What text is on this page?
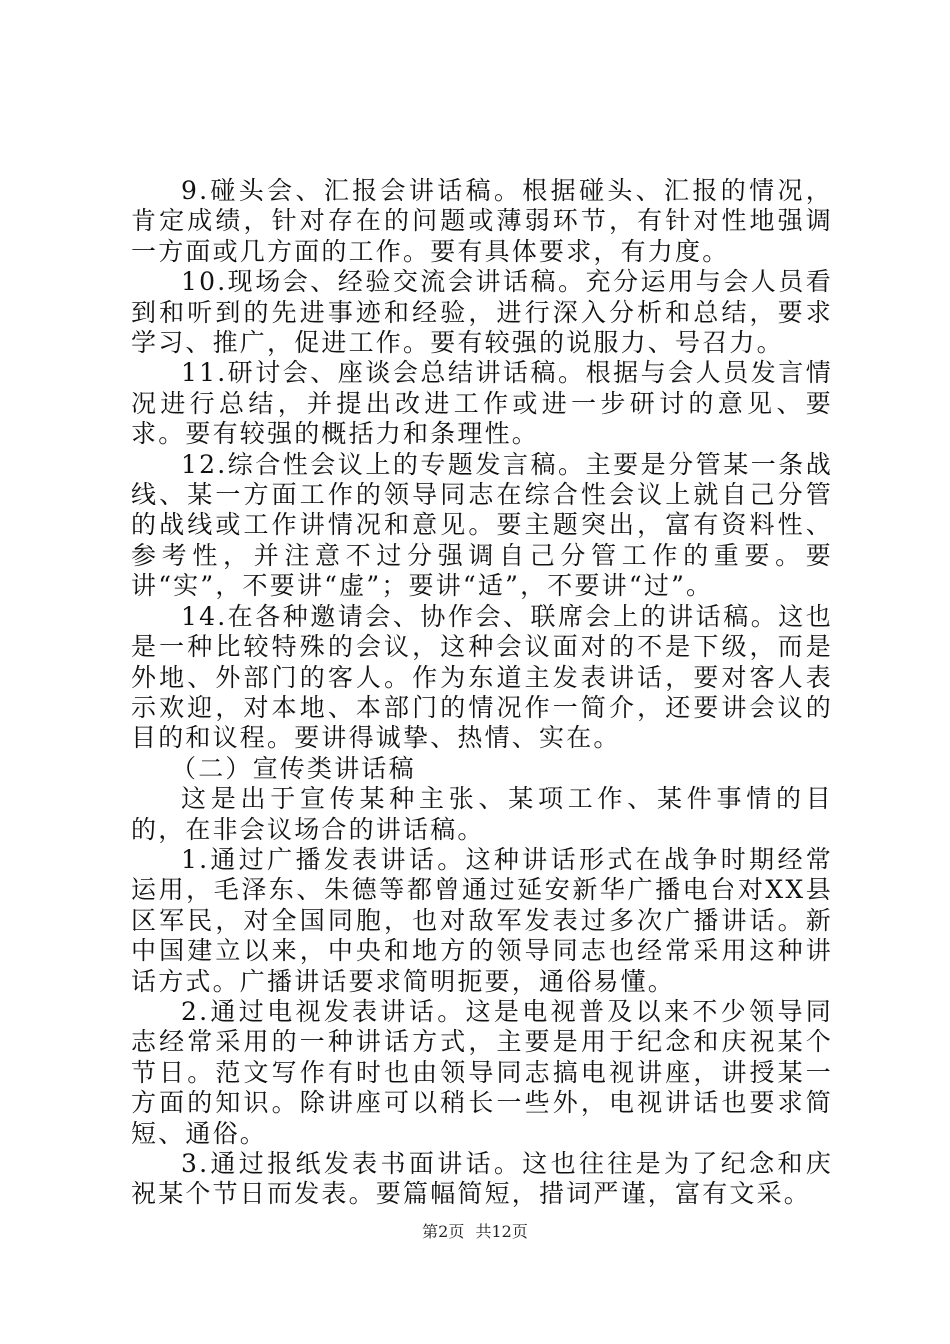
9.碰头会、汇报会讲话稿。根据碰头、汇报的情况，肯定成绩，针对存在的问题或薄弱环节，有针对性地强调一方面或几方面的工作。要有具体要求，有力度。

10.现场会、经验交流会讲话稿。充分运用与会人员看到和听到的先进事迹和经验，进行深入分析和总结，要求学习、推广，促进工作。要有较强的说服力、号召力。

11.研讨会、座谈会总结讲话稿。根据与会人员发言情况进行总结，并提出改进工作或进一步研讨的意见、要求。要有较强的概括力和条理性。

12.综合性会议上的专题发言稿。主要是分管某一条战线、某一方面工作的领导同志在综合性会议上就自己分管的战线或工作讲情况和意见。要主题突出，富有资料性、参考性，并注意不过分强调自己分管工作的重要。要讲“实”，不要讲“虚”；要讲“适”，不要讲“过”。

14.在各种邀请会、协作会、联席会上的讲话稿。这也是一种比较特殊的会议，这种会议面对的不是下级，而是外地、外部门的客人。作为东道主发表讲话，要对客人表示欢迎，对本地、本部门的情况作一简介，还要讲会议的目的和议程。要讲得诚挚、热情、实在。

（二）宣传类讲话稿

这是出于宣传某种主张、某项工作、某件事情的目的，在非会议场合的讲话稿。

1.通过广播发表讲话。这种讲话形式在战争时期经常运用，毛泽东、朱德等都曾通过延安新华广播电台对XX县区军民，对全国同胞，也对敌军发表过多次广播讲话。新中国建立以来，中央和地方的领导同志也经常采用这种讲话方式。广播讲话要求简明扼要，通俗易懂。

2.通过电视发表讲话。这是电视普及以来不少领导同志经常采用的一种讲话方式，主要是用于纪念和庆祝某个节日。范文写作有时也由领导同志搞电视讲座，讲授某一方面的知识。除讲座可以稍长一些外，电视讲话也要求简短、通俗。

3.通过报纸发表书面讲话。这也往往是为了纪念和庆祝某个节日而发表。要篇幅简短，措词严谨，富有文采。

第2页 共12页
